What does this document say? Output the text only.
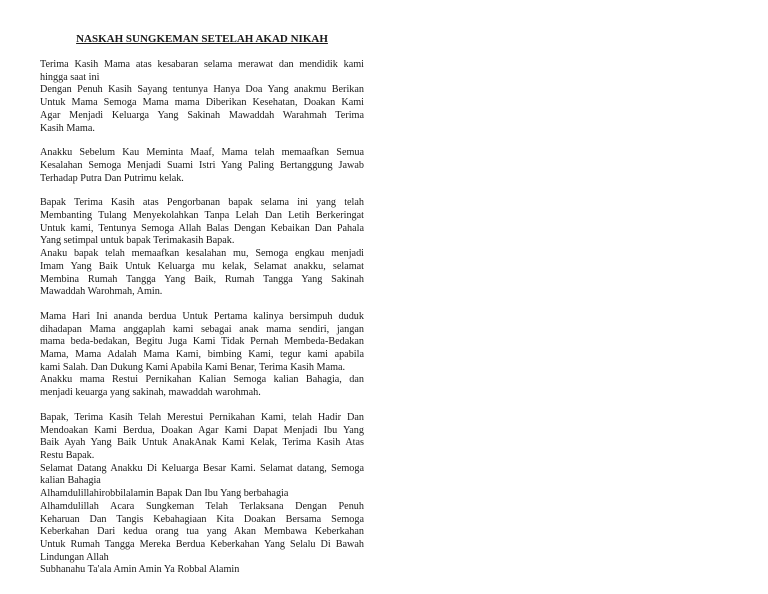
NASKAH SUNGKEMAN SETELAH AKAD NIKAH
Terima Kasih Mama atas kesabaran selama merawat dan mendidik kami
hingga saat ini
Dengan Penuh Kasih Sayang tentunya Hanya Doa Yang anakmu Berikan
Untuk Mama Semoga Mama mama Diberikan Kesehatan, Doakan Kami
Agar Menjadi Keluarga Yang Sakinah Mawaddah Warahmah Terima
Kasih Mama.
Anakku Sebelum Kau Meminta Maaf, Mama telah memaafkan Semua
Kesalahan Semoga Menjadi Suami Istri Yang Paling Bertanggung Jawab
Terhadap Putra Dan Putrimu kelak.
Bapak Terima Kasih atas Pengorbanan bapak selama ini yang telah
Membanting Tulang Menyekolahkan Tanpa Lelah Dan Letih Berkeringat
Untuk kami, Tentunya Semoga Allah Balas Dengan Kebaikan Dan Pahala
Yang setimpal untuk bapak Terimakasih Bapak.
Anaku bapak telah memaafkan kesalahan mu, Semoga engkau menjadi
Imam Yang Baik Untuk Keluarga mu kelak, Selamat anakku, selamat
Membina Rumah Tangga Yang Baik, Rumah Tangga Yang Sakinah
Mawaddah Warohmah, Amin.
Mama Hari Ini ananda berdua Untuk Pertama kalinya bersimpuh duduk
dihadapan Mama anggaplah kami sebagai anak mama sendiri, jangan
mama beda-bedakan, Begitu Juga Kami Tidak Pernah Membeda-Bedakan
Mama, Mama Adalah Mama Kami, bimbing Kami, tegur kami apabila
kami Salah. Dan Dukung Kami Apabila Kami Benar, Terima Kasih Mama.
Anakku mama Restui Pernikahan Kalian Semoga kalian Bahagia, dan
menjadi keuarga yang sakinah, mawaddah warohmah.
Bapak, Terima Kasih Telah Merestui Pernikahan Kami, telah Hadir Dan
Mendoakan Kami Berdua, Doakan Agar Kami Dapat Menjadi Ibu Yang
Baik Ayah Yang Baik Untuk AnakAnak Kami Kelak, Terima Kasih Atas
Restu Bapak.
Selamat Datang Anakku Di Keluarga Besar Kami. Selamat datang, Semoga
kalian Bahagia
Alhamdulillahirobbilalamin Bapak Dan Ibu Yang berbahagia
Alhamdulillah Acara Sungkeman Telah Terlaksana Dengan Penuh
Keharuan Dan Tangis Kebahagiaan Kita Doakan Bersama Semoga
Keberkahan Dari kedua orang tua yang Akan Membawa Keberkahan
Untuk Rumah Tangga Mereka Berdua Keberkahan Yang Selalu Di Bawah
Lindungan Allah
Subhanahu Ta'ala Amin Amin Ya Robbal Alamin
